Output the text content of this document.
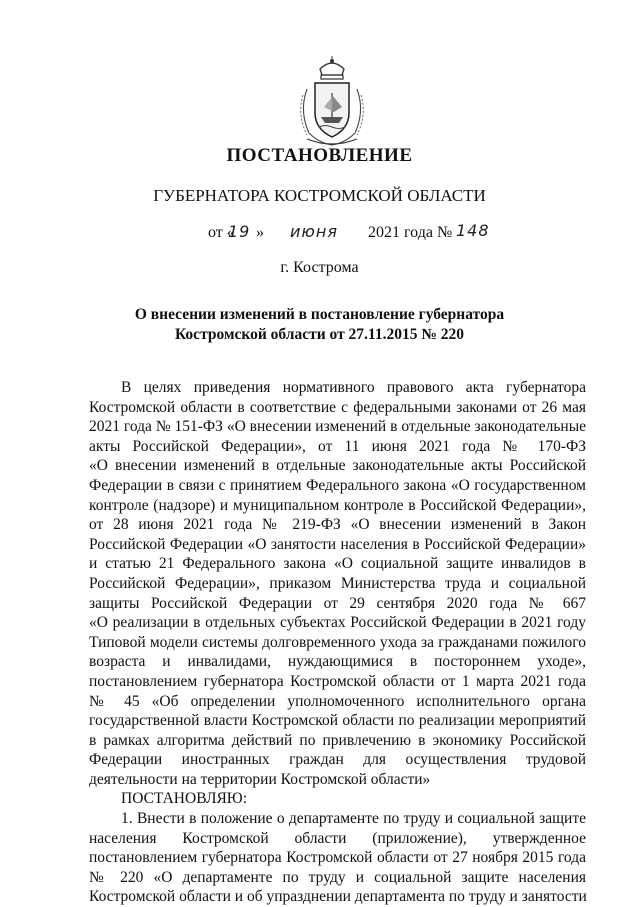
ПОСТАНОВЛЕНИЕ
ГУБЕРНАТОРА КОСТРОМСКОЙ ОБЛАСТИ
от «
19 » июня 2021 года № 148
г. Кострома
О внесении изменений в постановление губернатора
Костромской области от 27.11.2015 № 220
В целях приведения нормативного правового акта губернатора
Костромской области в соответствие с федеральными законами от 26 мая
2021 года № 151-ФЗ «О внесении изменений в отдельные законодательные
акты Российской Федерации», от 11 июня 2021 года № 170-ФЗ
«О внесении изменений в отдельные законодательные акты Российской
Федерации в связи с принятием Федерального закона «О государственном
контроле (надзоре) и муниципальном контроле в Российской Федерации»,
от 28 июня 2021 года № 219-ФЗ «О внесении изменений в Закон
Российской Федерации «О занятости населения в Российской Федерации»
и статью 21 Федерального закона «О социальной защите инвалидов в
Российской Федерации», приказом Министерства труда и социальной
защиты Российской Федерации от 29 сентября 2020 года № 667
«О реализации в отдельных субъектах Российской Федерации в 2021 году
Типовой модели системы долговременного ухода за гражданами пожилого
возраста и инвалидами, нуждающимися в постороннем уходе»,
постановлением губернатора Костромской области от 1 марта 2021 года
№ 45 «Об определении уполномоченного исполнительного органа
государственной власти Костромской области по реализации мероприятий
в рамках алгоритма действий по привлечению в экономику Российской
Федерации иностранных граждан для осуществления трудовой
деятельности на территории Костромской области»
ПОСТАНОВЛЯЮ:
1. Внести в положение о департаменте по труду и социальной защите
населения Костромской области (приложение), утвержденное
постановлением губернатора Костромской области от 27 ноября 2015 года
№ 220 «О департаменте по труду и социальной защите населения
Костромской области и об упразднении департамента по труду и занятости
